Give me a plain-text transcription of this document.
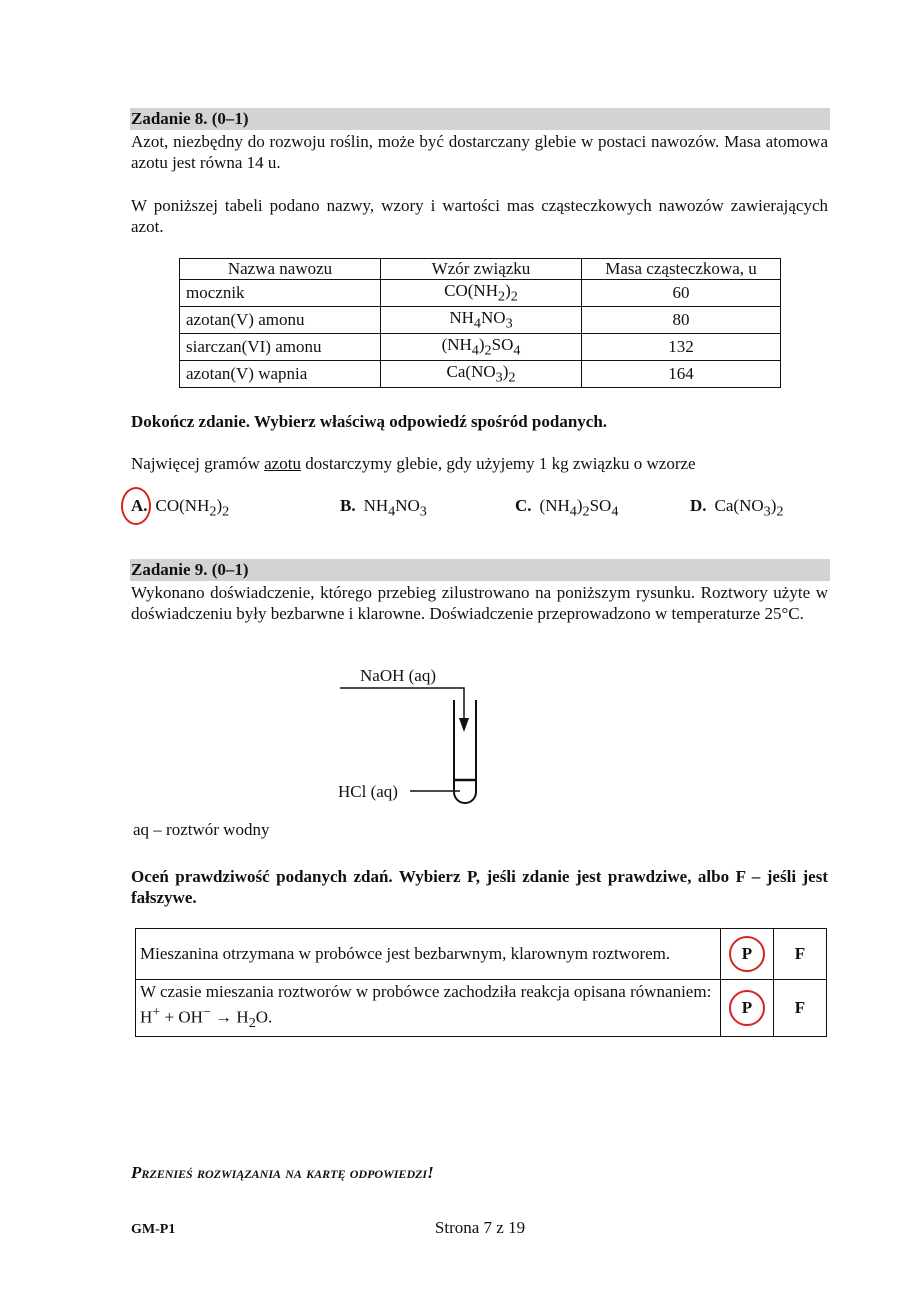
Zadanie 8. (0–1)
Azot, niezbędny do rozwoju roślin, może być dostarczany glebie w postaci nawozów. Masa atomowa azotu jest równa 14 u.
W poniższej tabeli podano nazwy, wzory i wartości mas cząsteczkowych nawozów zawierających azot.
Nazwa nawozu	Wzór związku	Masa cząsteczkowa, u
mocznik	$CO(NH_2)_2$	60
azotan(V) amonu	$NH_4NO_3$	80
siarczan(VI) amonu	$(NH_4)_2SO_4$	132
azotan(V) wapnia	$Ca(NO_3)_2$	164
Dokończ zdanie. Wybierz właściwą odpowiedź spośród podanych.
Najwięcej gramów azotu dostarczymy glebie, gdy użyjemy 1 kg związku o wzorze
A. $CO(NH_2)_2$	B. $NH_4NO_3$	C. $(NH_4)_2SO_4$	D. $Ca(NO_3)_2$
Zadanie 9. (0–1)
Wykonano doświadczenie, którego przebieg zilustrowano na poniższym rysunku. Roztwory użyte w doświadczeniu były bezbarwne i klarowne. Doświadczenie przeprowadzono w temperaturze 25°C.
NaOH (aq)
HCl (aq)
aq – roztwór wodny
Oceń prawdziwość podanych zdań. Wybierz P, jeśli zdanie jest prawdziwe, albo F – jeśli jest fałszywe.
Mieszanina otrzymana w probówce jest bezbarwnym, klarownym roztworem.	P	F
W czasie mieszania roztworów w probówce zachodziła reakcja opisana równaniem: $H^+ + OH^- \to H_2O$.	P	F
Przenieś rozwiązania na kartę odpowiedzi!
GM-P1	Strona 7 z 19
